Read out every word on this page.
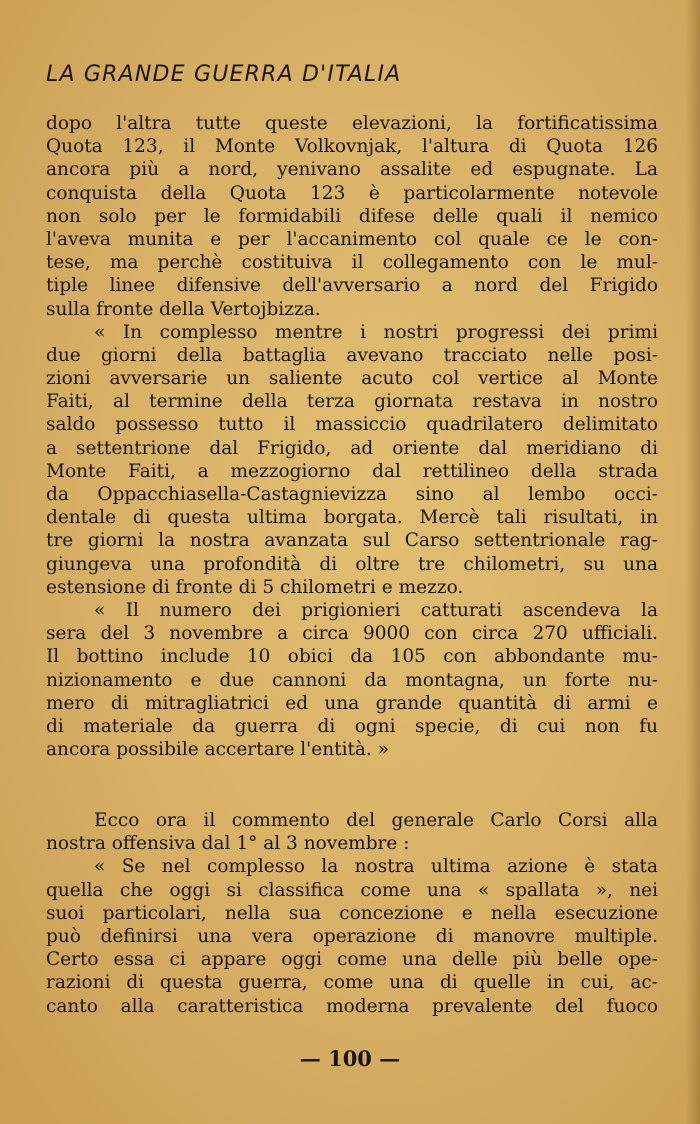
LA GRANDE GUERRA D'ITALIA
dopo l'altra tutte queste elevazioni, la fortificatissima
Quota 123, il Monte Volkovnjak, l'altura di Quota 126
ancora più a nord, yenivano assalite ed espugnate. La
conquista della Quota 123 è particolarmente notevole
non solo per le formidabili difese delle quali il nemico
l'aveva munita e per l'accanimento col quale ce le con-
tese, ma perchè costituiva il collegamento con le mul-
tiple linee difensive dell'avversario a nord del Frigido
sulla fronte della Vertojbizza.
« In complesso mentre i nostri progressi dei primi
due giorni della battaglia avevano tracciato nelle posi-
zioni avversarie un saliente acuto col vertice al Monte
Faiti, al termine della terza giornata restava in nostro
saldo possesso tutto il massiccio quadrilatero delimitato
a settentrione dal Frigido, ad oriente dal meridiano di
Monte Faiti, a mezzogiorno dal rettilineo della strada
da Oppacchiasella-Castagnievizza sino al lembo occi-
dentale di questa ultima borgata. Mercè tali risultati, in
tre giorni la nostra avanzata sul Carso settentrionale rag-
giungeva una profondità di oltre tre chilometri, su una
estensione di fronte di 5 chilometri e mezzo.
« Il numero dei prigionieri catturati ascendeva la
sera del 3 novembre a circa 9000 con circa 270 ufficiali.
Il bottino include 10 obici da 105 con abbondante mu-
nizionamento e due cannoni da montagna, un forte nu-
mero di mitragliatrici ed una grande quantità di armi e
di materiale da guerra di ogni specie, di cui non fu
ancora possibile accertare l'entità. »
Ecco ora il commento del generale Carlo Corsi alla
nostra offensiva dal 1° al 3 novembre :
« Se nel complesso la nostra ultima azione è stata
quella che oggi si classifica come una « spallata », nei
suoi particolari, nella sua concezione e nella esecuzione
può definirsi una vera operazione di manovre multiple.
Certo essa ci appare oggi come una delle più belle ope-
razioni di questa guerra, come una di quelle in cui, ac-
canto alla caratteristica moderna prevalente del fuoco
— 100 —
